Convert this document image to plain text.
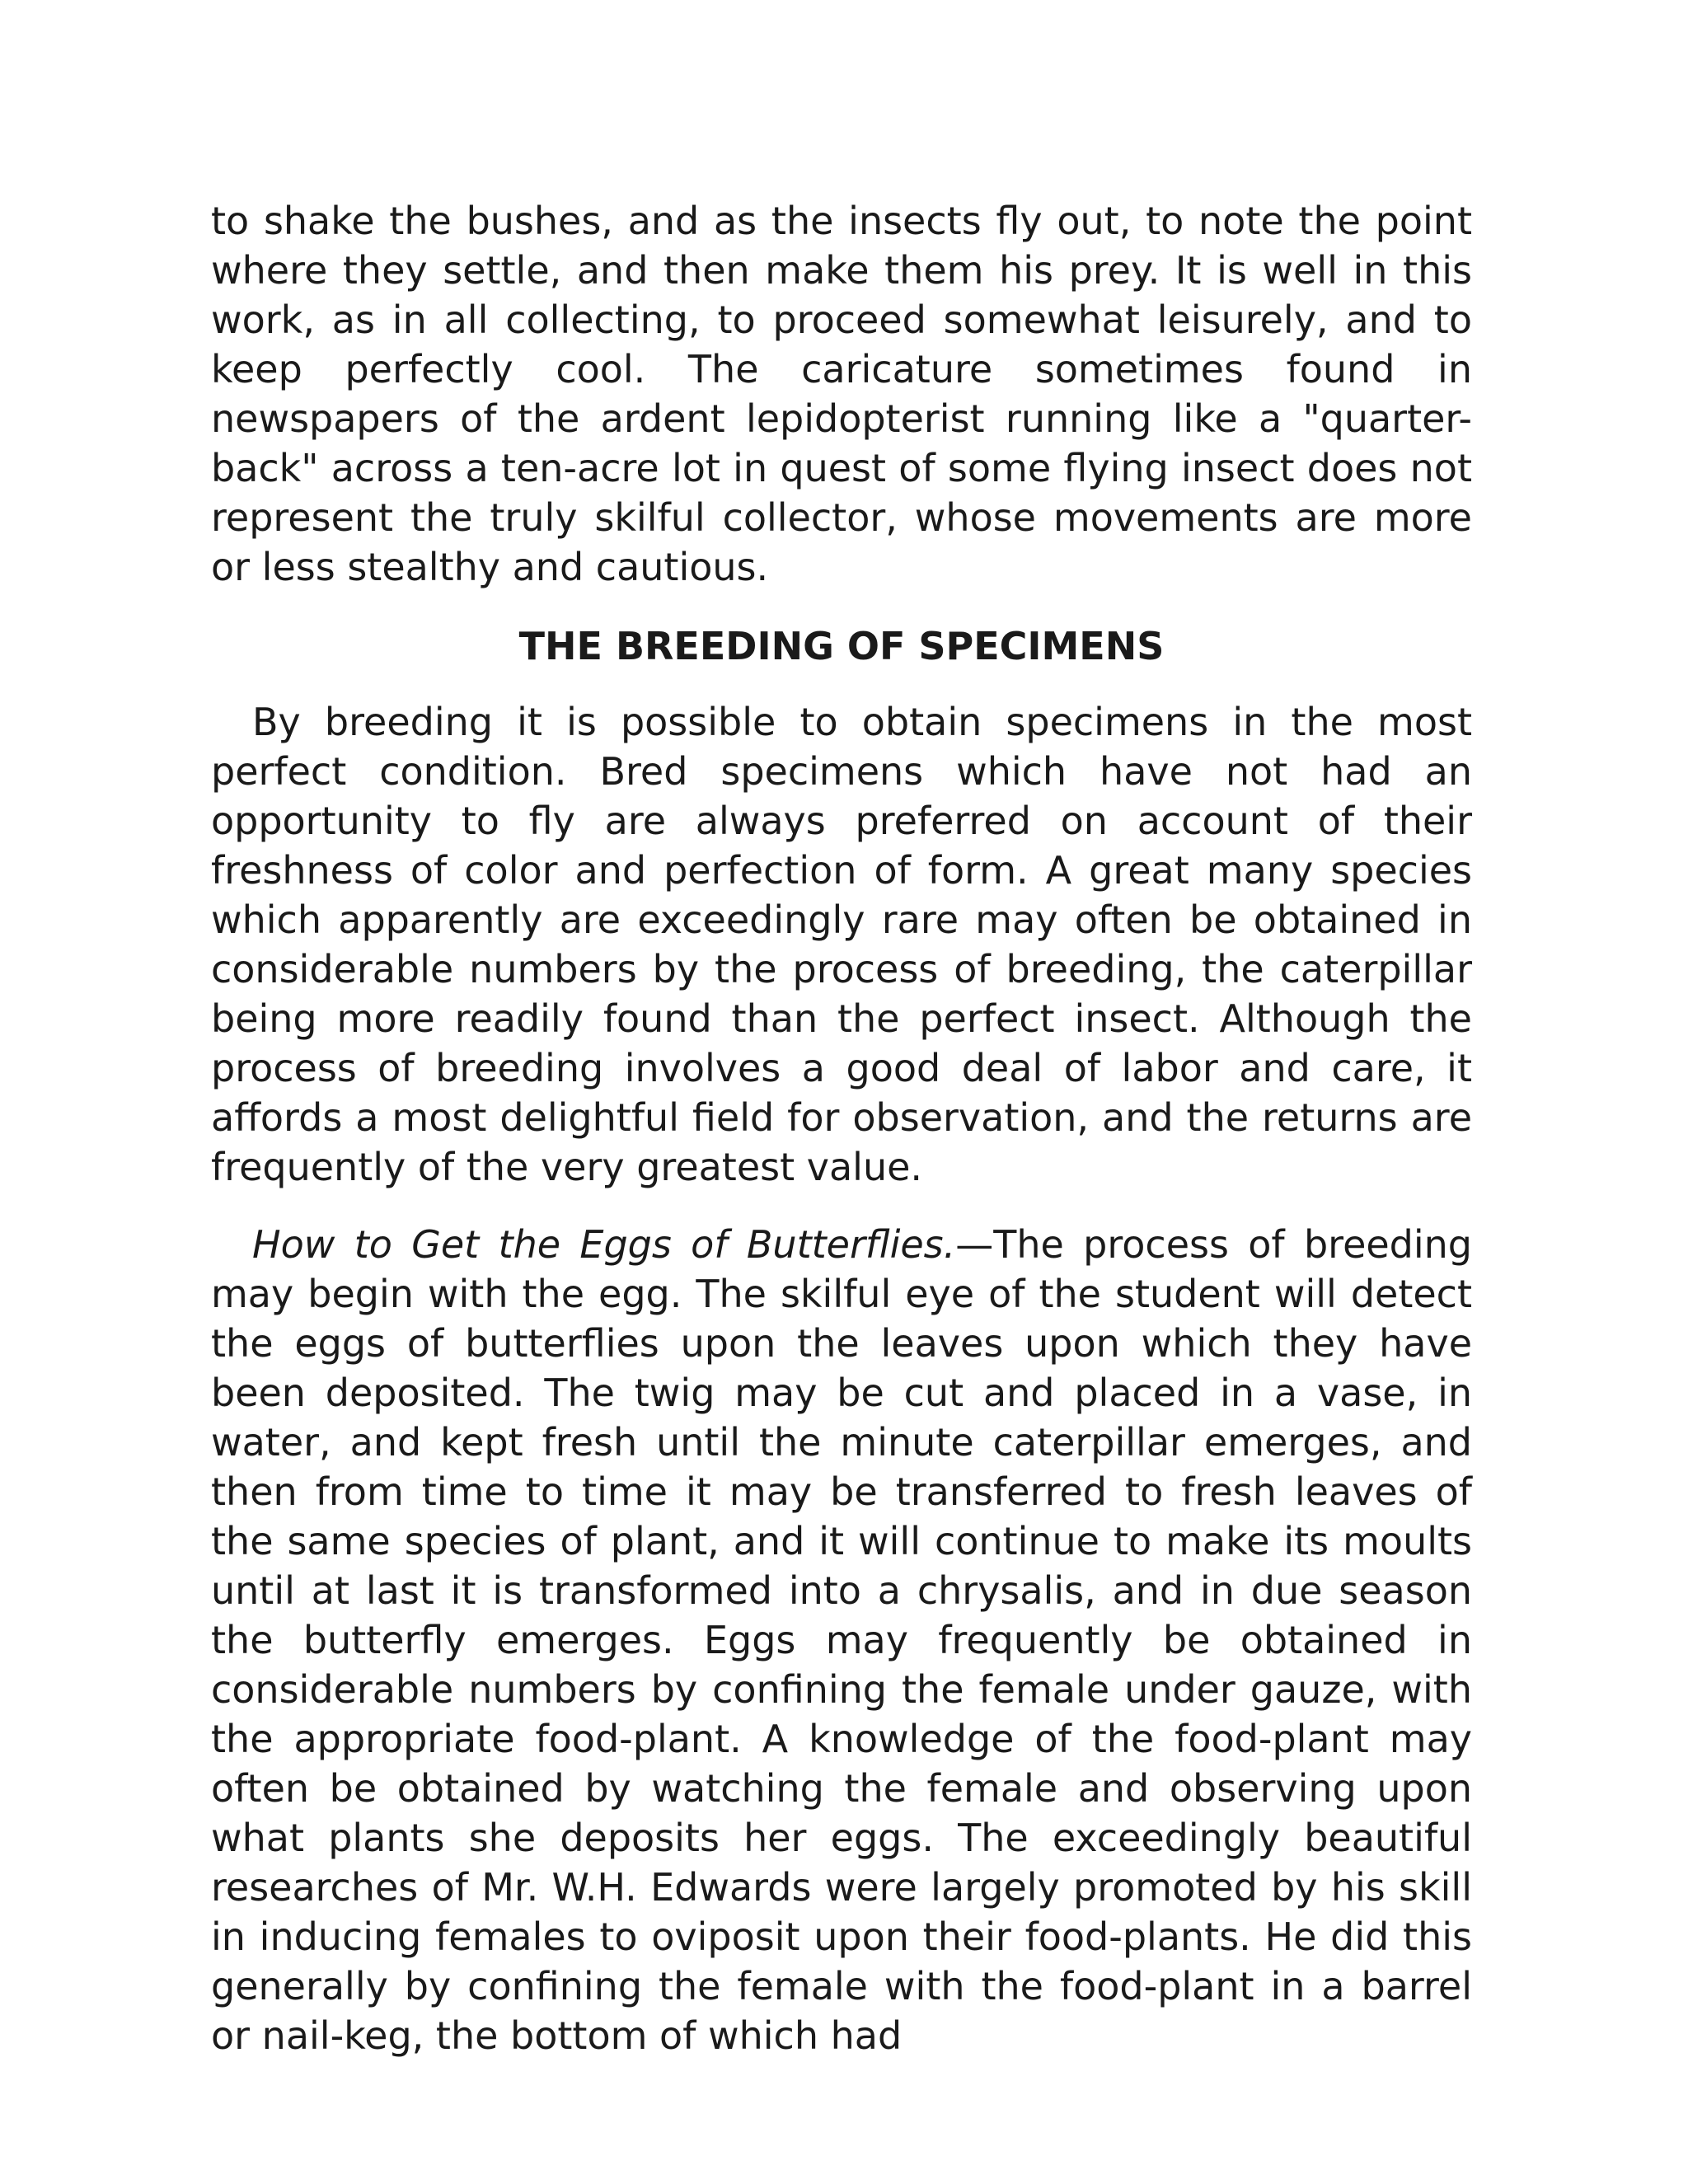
to shake the bushes, and as the insects fly out, to note the point where they settle, and then make them his prey. It is well in this work, as in all collecting, to proceed somewhat leisurely, and to keep perfectly cool. The caricature sometimes found in newspapers of the ardent lepidopterist running like a "quarter-back" across a ten-acre lot in quest of some flying insect does not represent the truly skilful collector, whose movements are more or less stealthy and cautious.

THE BREEDING OF SPECIMENS

By breeding it is possible to obtain specimens in the most perfect condition. Bred specimens which have not had an opportunity to fly are always preferred on account of their freshness of color and perfection of form. A great many species which apparently are exceedingly rare may often be obtained in considerable numbers by the process of breeding, the caterpillar being more readily found than the perfect insect. Although the process of breeding involves a good deal of labor and care, it affords a most delightful field for observation, and the returns are frequently of the very greatest value.

How to Get the Eggs of Butterflies.—The process of breeding may begin with the egg. The skilful eye of the student will detect the eggs of butterflies upon the leaves upon which they have been deposited. The twig may be cut and placed in a vase, in water, and kept fresh until the minute caterpillar emerges, and then from time to time it may be transferred to fresh leaves of the same species of plant, and it will continue to make its moults until at last it is transformed into a chrysalis, and in due season the butterfly emerges. Eggs may frequently be obtained in considerable numbers by confining the female under gauze, with the appropriate food-plant. A knowledge of the food-plant may often be obtained by watching the female and observing upon what plants she deposits her eggs. The exceedingly beautiful researches of Mr. W.H. Edwards were largely promoted by his skill in inducing females to oviposit upon their food-plants. He did this generally by confining the female with the food-plant in a barrel or nail-keg, the bottom of which had
